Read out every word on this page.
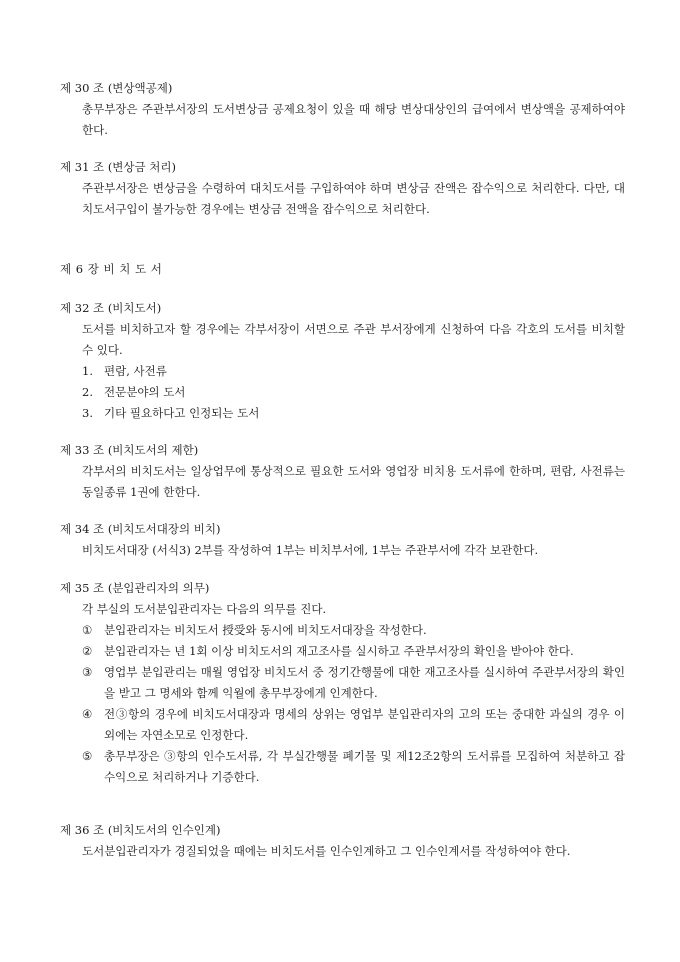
제 30 조 (변상액공제)
총무부장은 주관부서장의 도서변상금 공제요청이 있을 때 해당 변상대상인의 급여에서 변상액을 공제하여야 한다.
제 31 조 (변상금 처리)
주관부서장은 변상금을 수령하여 대치도서를 구입하여야 하며 변상금 잔액은 잡수익으로 처리한다. 다만, 대치도서구입이 불가능한 경우에는 변상금 전액을 잡수익으로 처리한다.
제 6 장 비 치 도 서
제 32 조 (비치도서)
도서를 비치하고자 할 경우에는 각부서장이 서면으로 주관 부서장에게 신청하여 다음 각호의 도서를 비치할 수 있다.
1. 편람, 사전류
2. 전문분야의 도서
3. 기타 필요하다고 인정되는 도서
제 33 조 (비치도서의 제한)
각부서의 비치도서는 일상업무에 통상적으로 필요한 도서와 영업장 비치용 도서류에 한하며, 편람, 사전류는 동일종류 1권에 한한다.
제 34 조 (비치도서대장의 비치)
비치도서대장 (서식3) 2부를 작성하여 1부는 비치부서에, 1부는 주관부서에 각각 보관한다.
제 35 조 (분입관리자의 의무)
각 부실의 도서분입관리자는 다음의 의무를 진다.
①	분입관리자는 비치도서 授受와 동시에 비치도서대장을 작성한다.
②	분입관리자는 년 1회 이상 비치도서의 재고조사를 실시하고 주관부서장의 확인을 받아야 한다.
③	영업부 분입관리는 매월 영업장 비치도서 중 정기간행물에 대한 재고조사를 실시하여 주관부서장의 확인을 받고 그 명세와 함께 익월에 총무부장에게 인계한다.
④	전③항의 경우에 비치도서대장과 명세의 상위는 영업부 분입관리자의 고의 또는 중대한 과실의 경우 이외에는 자연소모로 인정한다.
⑤	총무부장은 ③항의 인수도서류, 각 부실간행물 폐기물 및 제12조2항의 도서류를 모집하여 처분하고 잡수익으로 처리하거나 기증한다.
제 36 조 (비치도서의 인수인계)
도서분입관리자가 경질되었을 때에는 비치도서를 인수인계하고 그 인수인계서를 작성하여야 한다.
